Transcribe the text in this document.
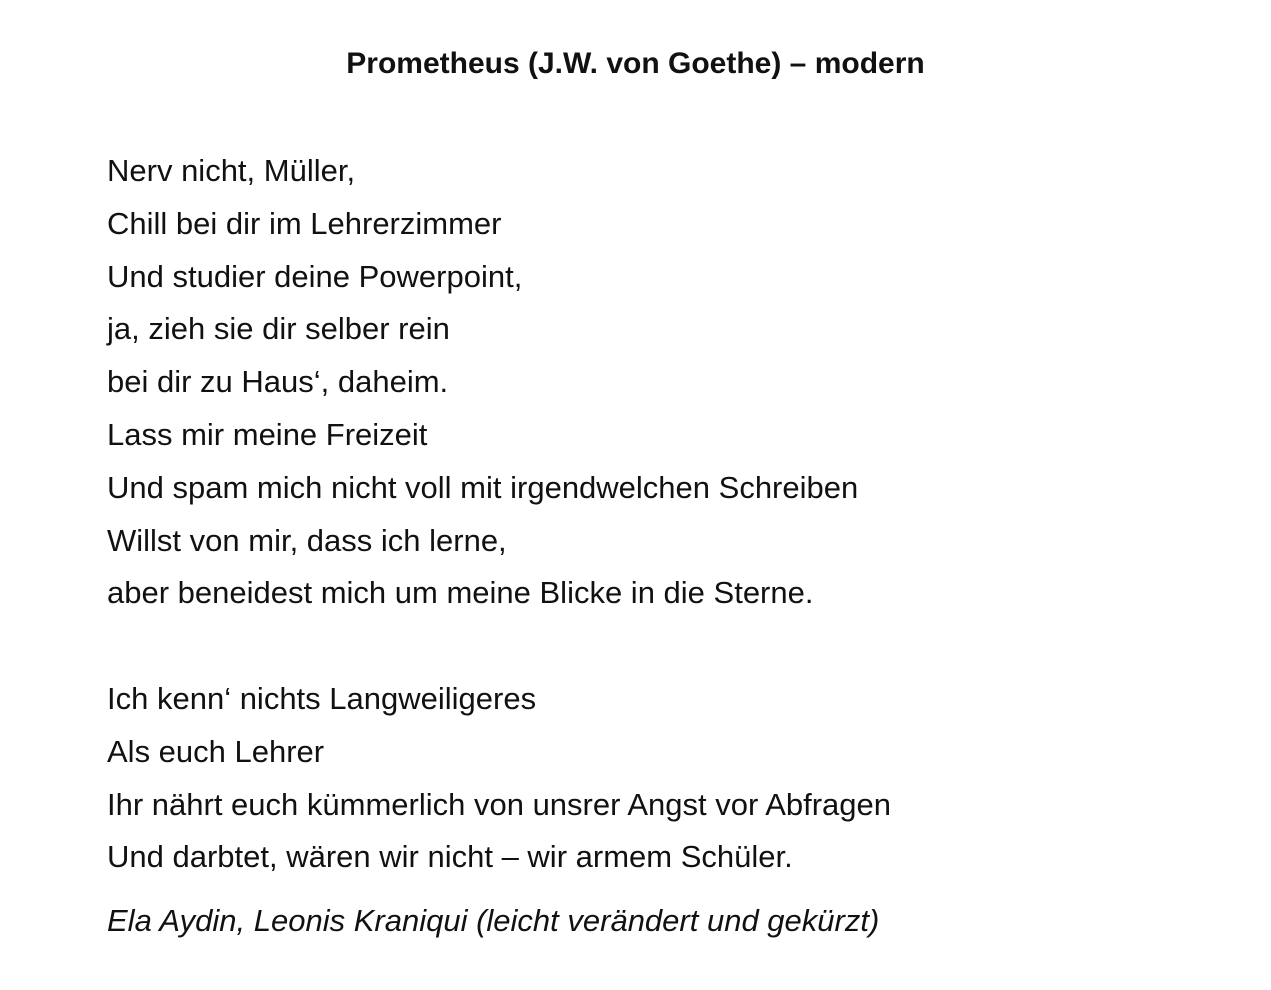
Prometheus (J.W. von Goethe) – modern

Nerv nicht, Müller,

Chill bei dir im Lehrerzimmer

Und studier deine Powerpoint,

ja, zieh sie dir selber rein

bei dir zu Haus‘, daheim.

Lass mir meine Freizeit

Und spam mich nicht voll mit irgendwelchen Schreiben

Willst von mir, dass ich lerne,

aber beneidest mich um meine Blicke in die Sterne.

Ich kenn‘ nichts Langweiligeres

Als euch Lehrer

Ihr nährt euch kümmerlich von unsrer Angst vor Abfragen

Und darbtet, wären wir nicht – wir armem Schüler.

Ela Aydin, Leonis Kraniqui (leicht verändert und gekürzt)
